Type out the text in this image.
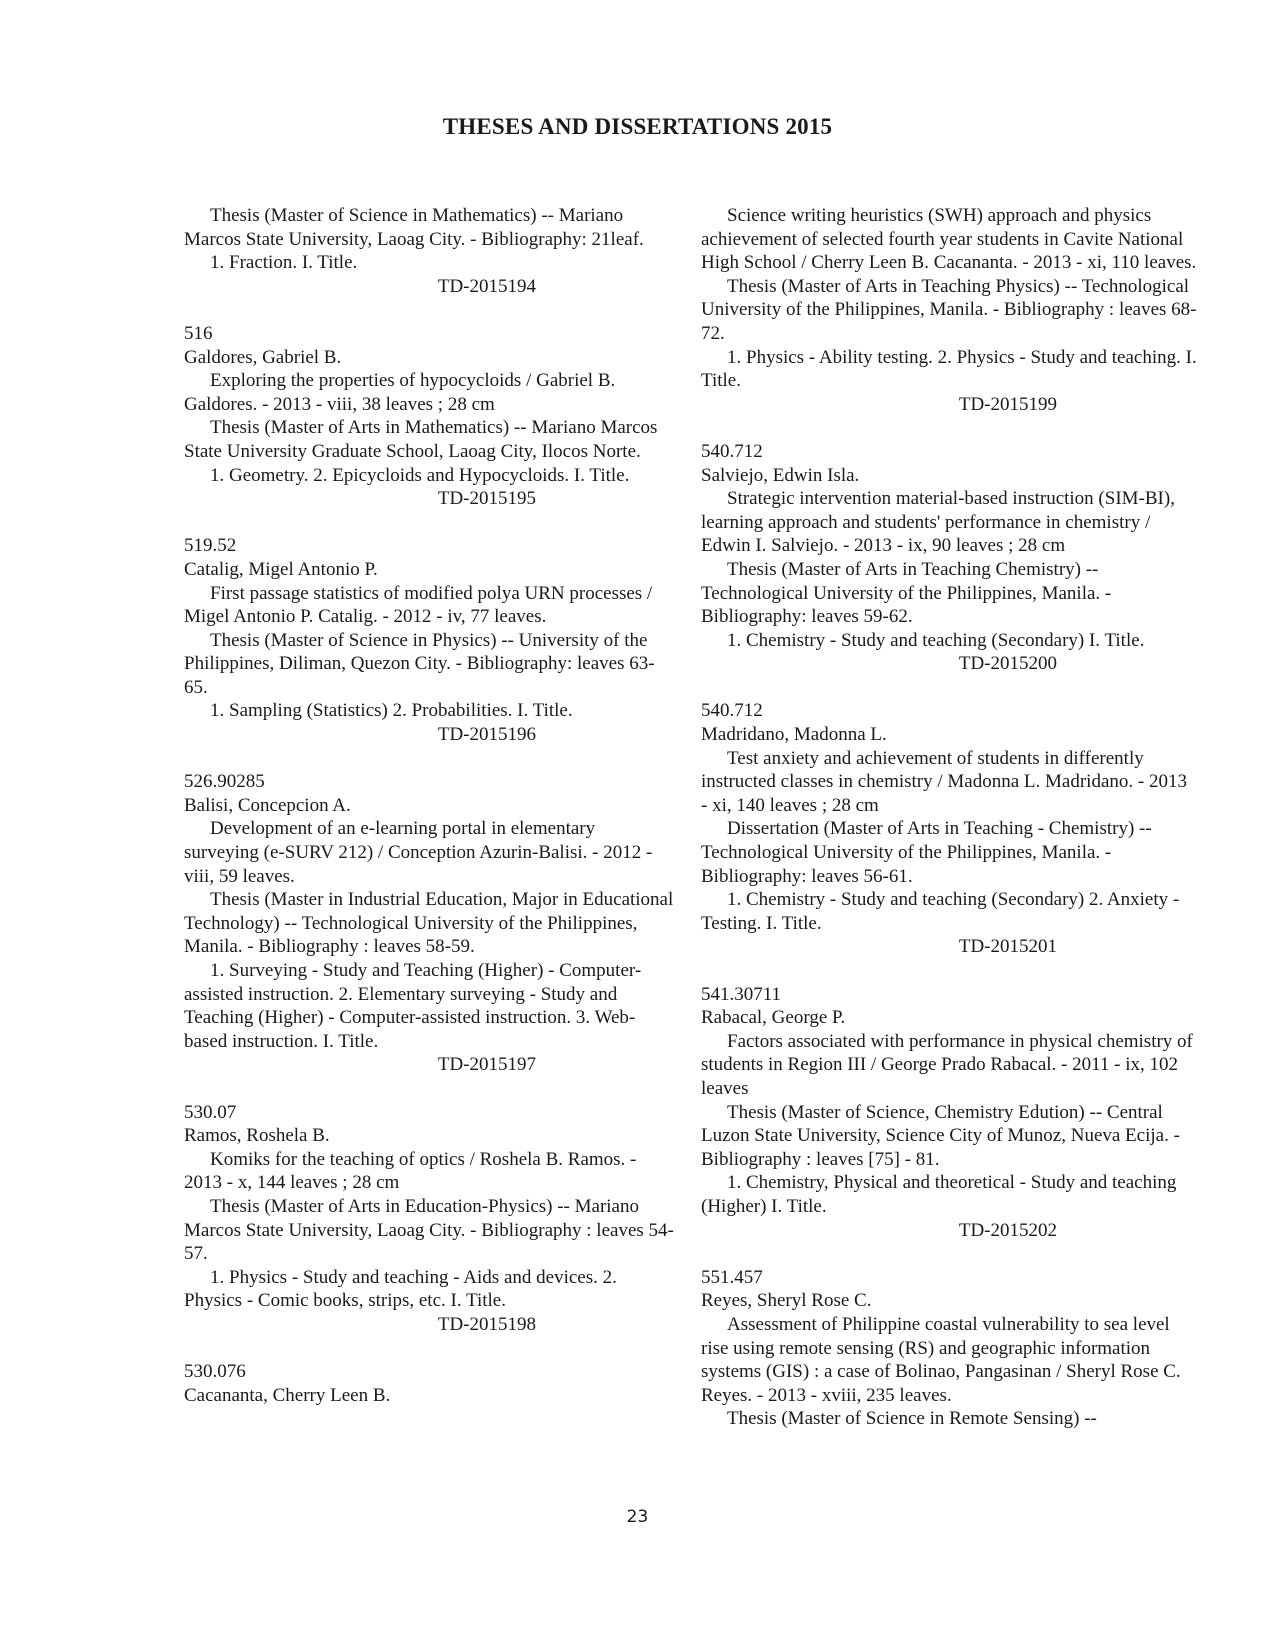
THESES AND DISSERTATIONS 2015

Thesis (Master of Science in Mathematics) -- Mariano Marcos State University, Laoag City. - Bibliography: 21leaf.

1. Fraction. I. Title.

TD-2015194

516

Galdores, Gabriel B.

Exploring the properties of hypocycloids / Gabriel B. Galdores. - 2013 - viii, 38 leaves ; 28 cm

Thesis (Master of Arts in Mathematics) -- Mariano Marcos State University Graduate School, Laoag City, Ilocos Norte.

1. Geometry. 2. Epicycloids and Hypocycloids. I. Title.

TD-2015195

519.52

Catalig, Migel Antonio P.

First passage statistics of modified polya URN processes / Migel Antonio P. Catalig. - 2012 - iv, 77 leaves.

Thesis (Master of Science in Physics) -- University of the Philippines, Diliman, Quezon City. - Bibliography: leaves 63-65.

1. Sampling (Statistics) 2. Probabilities. I. Title.

TD-2015196

526.90285

Balisi, Concepcion A.

Development of an e-learning portal in elementary surveying (e-SURV 212) / Conception Azurin-Balisi. - 2012 - viii, 59 leaves.

Thesis (Master in Industrial Education, Major in Educational Technology) -- Technological University of the Philippines, Manila. - Bibliography : leaves 58-59.

1. Surveying - Study and Teaching (Higher) - Computer-assisted instruction. 2. Elementary surveying - Study and Teaching (Higher) - Computer-assisted instruction. 3. Web-based instruction. I. Title.

TD-2015197

530.07

Ramos, Roshela B.

Komiks for the teaching of optics / Roshela B. Ramos. - 2013 - x, 144 leaves ; 28 cm

Thesis (Master of Arts in Education-Physics) -- Mariano Marcos State University, Laoag City. - Bibliography : leaves 54-57.

1. Physics - Study and teaching - Aids and devices. 2. Physics - Comic books, strips, etc. I. Title.

TD-2015198

530.076

Cacananta, Cherry Leen B.

Science writing heuristics (SWH) approach and physics achievement of selected fourth year students in Cavite National High School / Cherry Leen B. Cacananta. - 2013 - xi, 110 leaves.

Thesis (Master of Arts in Teaching Physics) -- Technological University of the Philippines, Manila. - Bibliography : leaves 68-72.

1. Physics - Ability testing. 2. Physics - Study and teaching. I. Title.

TD-2015199

540.712

Salviejo, Edwin Isla.

Strategic intervention material-based instruction (SIM-BI), learning approach and students' performance in chemistry / Edwin I. Salviejo. - 2013 - ix, 90 leaves ; 28 cm

Thesis (Master of Arts in Teaching Chemistry) -- Technological University of the Philippines, Manila. - Bibliography: leaves 59-62.

1. Chemistry - Study and teaching (Secondary) I. Title.

TD-2015200

540.712

Madridano, Madonna L.

Test anxiety and achievement of students in differently instructed classes in chemistry / Madonna L. Madridano. - 2013 - xi, 140 leaves ; 28 cm

Dissertation (Master of Arts in Teaching - Chemistry) -- Technological University of the Philippines, Manila. - Bibliography: leaves 56-61.

1. Chemistry - Study and teaching (Secondary) 2. Anxiety - Testing. I. Title.

TD-2015201

541.30711

Rabacal, George P.

Factors associated with performance in physical chemistry of students in Region III / George Prado Rabacal. - 2011 - ix, 102 leaves

Thesis (Master of Science, Chemistry Edution) -- Central Luzon State University, Science City of Munoz, Nueva Ecija. - Bibliography : leaves [75] - 81.

1. Chemistry, Physical and theoretical - Study and teaching (Higher) I. Title.

TD-2015202

551.457

Reyes, Sheryl Rose C.

Assessment of Philippine coastal vulnerability to sea level rise using remote sensing (RS) and geographic information systems (GIS) : a case of Bolinao, Pangasinan / Sheryl Rose C. Reyes. - 2013 - xviii, 235 leaves.

Thesis (Master of Science in Remote Sensing) --

23
